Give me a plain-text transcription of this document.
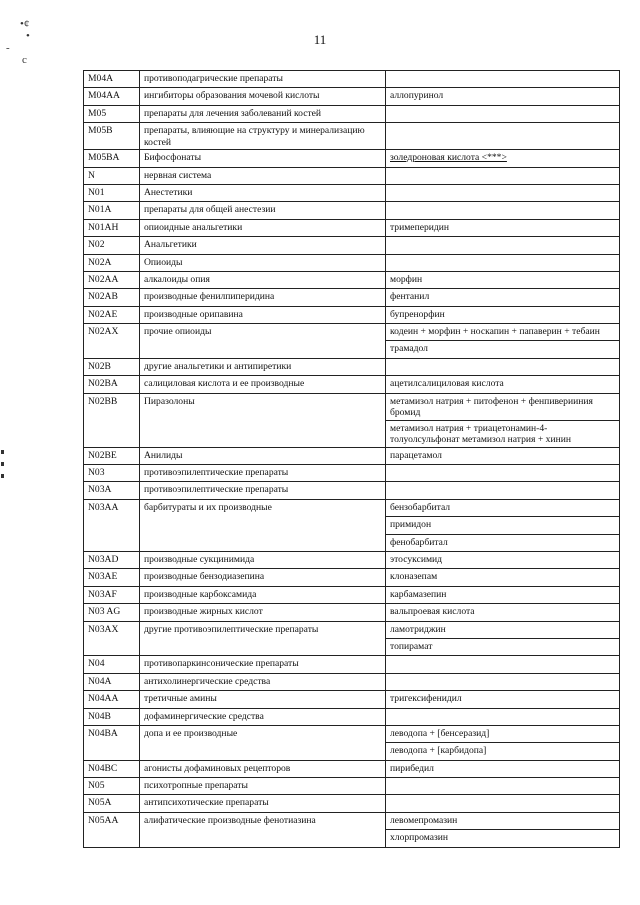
•¢
•
-
c
11
M04A	противоподагрические препараты	
M04AA	ингибиторы образования мочевой кислоты	аллопуринол
M05	препараты для лечения заболеваний костей	
M05B	препараты, влияющие на структуру и минерализацию костей	
M05BA	Бифосфонаты	золедроновая кислота <***>
N	нервная система	
N01	Анестетики	
N01A	препараты для общей анестезии	
N01AH	опиоидные анальгетики	тримеперидин
N02	Анальгетики	
N02A	Опиоиды	
N02AA	алкалоиды опия	морфин
N02AB	производные фенилпиперидина	фентанил
N02AE	производные орипавина	бупренорфин
N02AX	прочие опиоиды	кодеин + морфин + носкапин + папаверин + тебаин
		трамадол
N02B	другие анальгетики и антипиретики	
N02BA	салициловая кислота и ее производные	ацетилсалициловая кислота
N02BB	Пиразолоны	метамизол натрия + питофенон + фенпиверииния бромид
		метамизол натрия + триацетонамин-4-толуолсульфонат метамизол натрия + хинин
N02BE	Анилиды	парацетамол
N03	противоэпилептические препараты	
N03A	противоэпилептические препараты	
N03AA	барбитураты и их производные	бензобарбитал
		примидон
		фенобарбитал
N03AD	производные сукцинимида	этосуксимид
N03AE	производные бензодиазепина	клоназепам
N03AF	производные карбоксамида	карбамазепин
N03 AG	производные жирных кислот	вальпроевая кислота
N03AX	другие противоэпилептические препараты	ламотриджин
		топирамат
N04	противопаркинсонические препараты	
N04A	антихолинергические средства	
N04AA	третичные амины	тригексифенидил
N04B	дофаминергические средства	
N04BA	допа и ее производные	леводопа + [бенсеразид]
		леводопа + [карбидопа]
N04BC	агонисты дофаминовых рецепторов	пирибедил
N05	психотропные препараты	
N05A	антипсихотические препараты	
N05AA	алифатические производные фенотиазина	левомепромазин
		хлорпромазин
